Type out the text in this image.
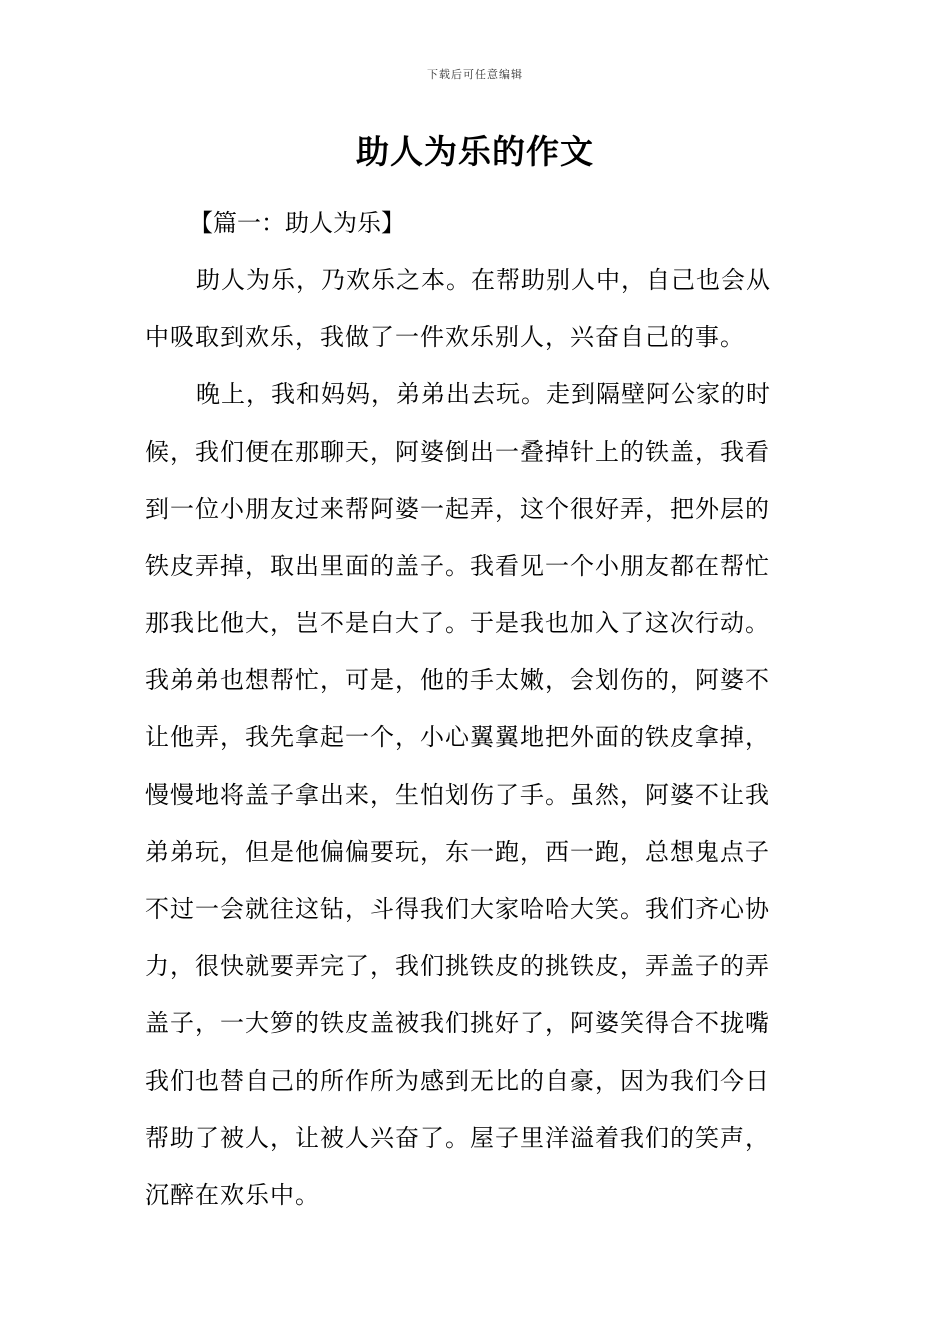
下载后可任意编辑
助人为乐的作文
【篇一：助人为乐】
助人为乐，乃欢乐之本。在帮助别人中，自己也会从
中吸取到欢乐，我做了一件欢乐别人，兴奋自己的事。
晚上，我和妈妈，弟弟出去玩。走到隔壁阿公家的时
候，我们便在那聊天，阿婆倒出一叠掉针上的铁盖，我看
到一位小朋友过来帮阿婆一起弄，这个很好弄，把外层的
铁皮弄掉，取出里面的盖子。我看见一个小朋友都在帮忙
那我比他大，岂不是白大了。于是我也加入了这次行动。
我弟弟也想帮忙，可是，他的手太嫩，会划伤的，阿婆不
让他弄，我先拿起一个，小心翼翼地把外面的铁皮拿掉，
慢慢地将盖子拿出来，生怕划伤了手。虽然，阿婆不让我
弟弟玩，但是他偏偏要玩，东一跑，西一跑，总想鬼点子
不过一会就往这钻，斗得我们大家哈哈大笑。我们齐心协
力，很快就要弄完了，我们挑铁皮的挑铁皮，弄盖子的弄
盖子，一大箩的铁皮盖被我们挑好了，阿婆笑得合不拢嘴
我们也替自己的所作所为感到无比的自豪，因为我们今日
帮助了被人，让被人兴奋了。屋子里洋溢着我们的笑声，
沉醉在欢乐中。
